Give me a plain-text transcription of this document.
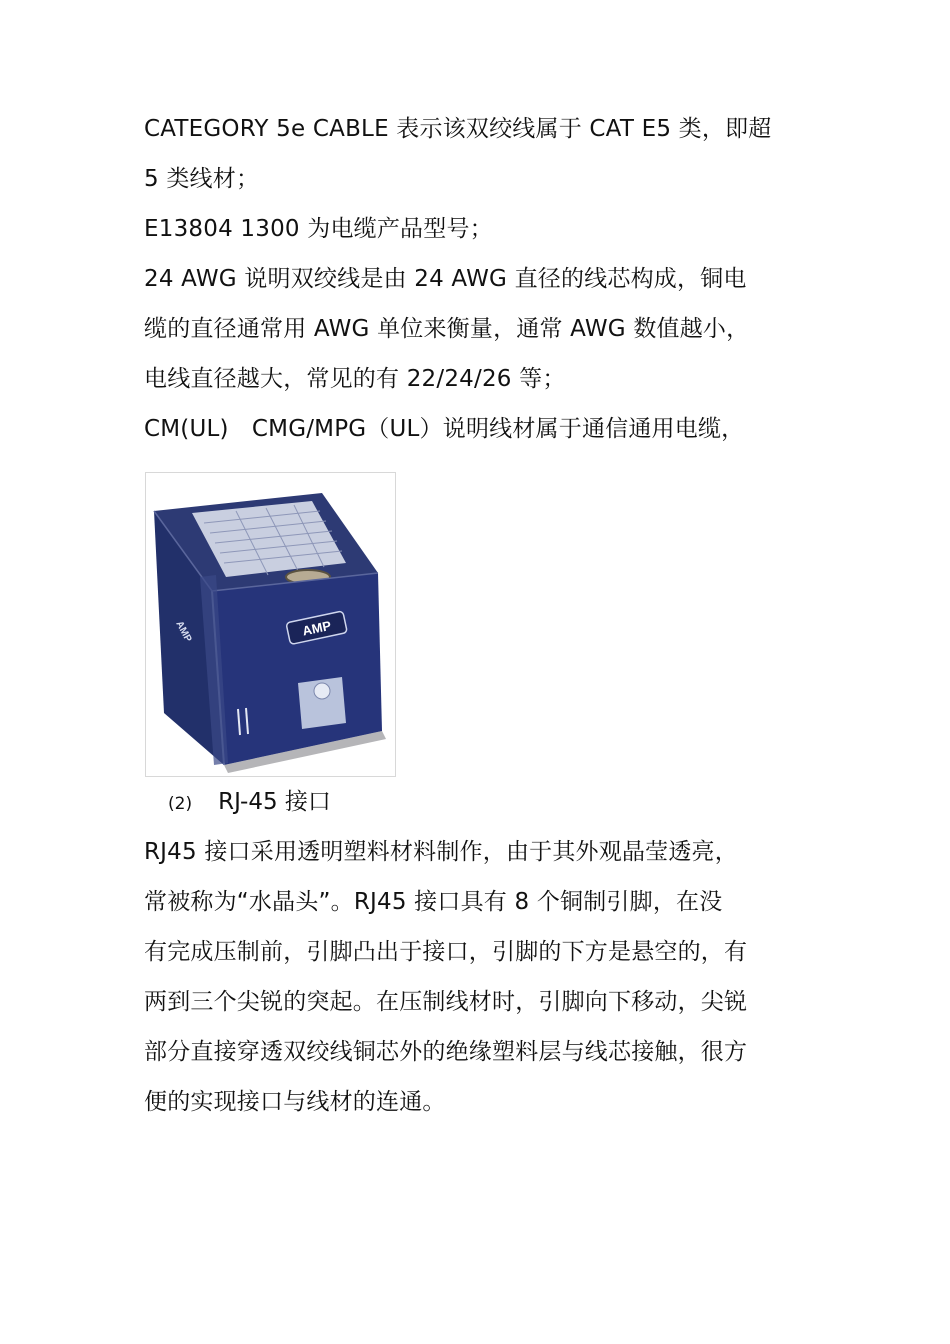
CATEGORY 5e CABLE 表示该双绞线属于 CAT E5 类，即超
5 类线材；
E13804 1300 为电缆产品型号；
24 AWG 说明双绞线是由 24 AWG 直径的线芯构成，铜电
缆的直径通常用 AWG 单位来衡量，通常 AWG 数值越小，
电线直径越大，常见的有 22/24/26 等；
CM(UL)　CMG/MPG（UL）说明线材属于通信通用电缆，
AMP
AMP
(2) RJ-45 接口
RJ45 接口采用透明塑料材料制作，由于其外观晶莹透亮，
常被称为“水晶头”。RJ45 接口具有 8 个铜制引脚，在没
有完成压制前，引脚凸出于接口，引脚的下方是悬空的，有
两到三个尖锐的突起。在压制线材时，引脚向下移动，尖锐
部分直接穿透双绞线铜芯外的绝缘塑料层与线芯接触，很方
便的实现接口与线材的连通。
